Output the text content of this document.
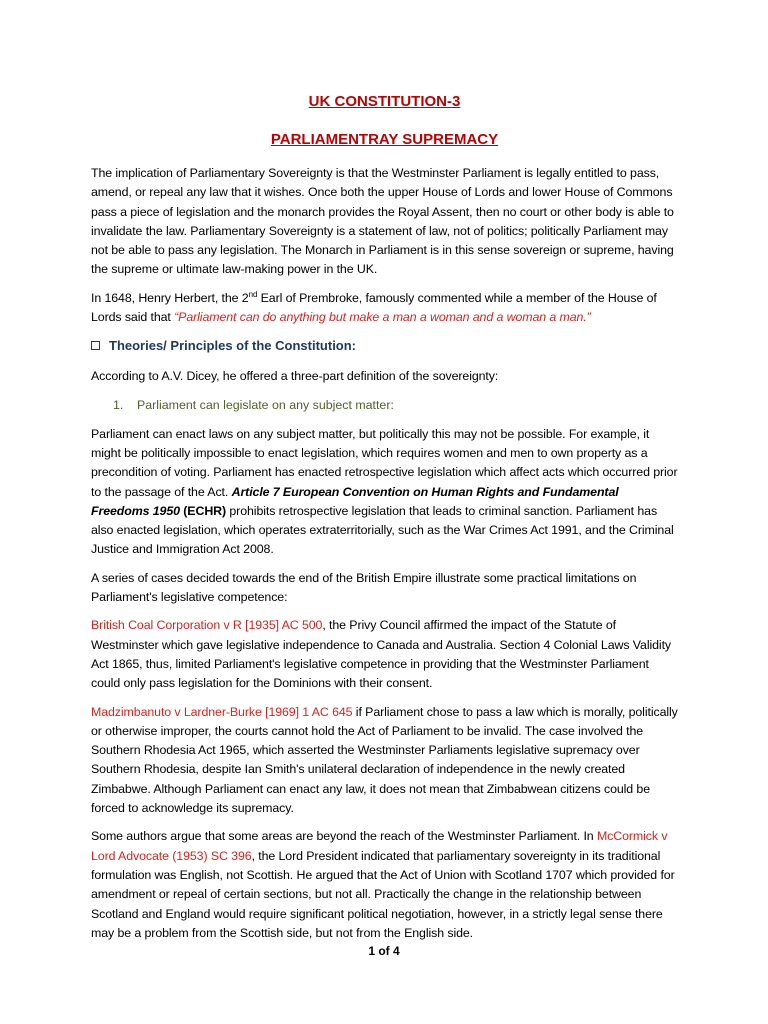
UK CONSTITUTION-3
PARLIAMENTRAY SUPREMACY

The implication of Parliamentary Sovereignty is that the Westminster Parliament is legally entitled to pass, amend, or repeal any law that it wishes. Once both the upper House of Lords and lower House of Commons pass a piece of legislation and the monarch provides the Royal Assent, then no court or other body is able to invalidate the law. Parliamentary Sovereignty is a statement of law, not of politics; politically Parliament may not be able to pass any legislation. The Monarch in Parliament is in this sense sovereign or supreme, having the supreme or ultimate law-making power in the UK.

In 1648, Henry Herbert, the 2nd Earl of Prembroke, famously commented while a member of the House of Lords said that “Parliament can do anything but make a man a woman and a woman a man.”

Theories/ Principles of the Constitution:

According to A.V. Dicey, he offered a three-part definition of the sovereignty:

1.	Parliament can legislate on any subject matter:

Parliament can enact laws on any subject matter, but politically this may not be possible. For example, it might be politically impossible to enact legislation, which requires women and men to own property as a precondition of voting. Parliament has enacted retrospective legislation which affect acts which occurred prior to the passage of the Act. Article 7 European Convention on Human Rights and Fundamental Freedoms 1950 (ECHR) prohibits retrospective legislation that leads to criminal sanction. Parliament has also enacted legislation, which operates extraterritorially, such as the War Crimes Act 1991, and the Criminal Justice and Immigration Act 2008.

A series of cases decided towards the end of the British Empire illustrate some practical limitations on Parliament's legislative competence:

British Coal Corporation v R [1935] AC 500, the Privy Council affirmed the impact of the Statute of Westminster which gave legislative independence to Canada and Australia. Section 4 Colonial Laws Validity Act 1865, thus, limited Parliament's legislative competence in providing that the Westminster Parliament could only pass legislation for the Dominions with their consent.

Madzimbanuto v Lardner-Burke [1969] 1 AC 645 if Parliament chose to pass a law which is morally, politically or otherwise improper, the courts cannot hold the Act of Parliament to be invalid. The case involved the Southern Rhodesia Act 1965, which asserted the Westminster Parliaments legislative supremacy over Southern Rhodesia, despite Ian Smith's unilateral declaration of independence in the newly created Zimbabwe. Although Parliament can enact any law, it does not mean that Zimbabwean citizens could be forced to acknowledge its supremacy.

Some authors argue that some areas are beyond the reach of the Westminster Parliament. In McCormick v Lord Advocate (1953) SC 396, the Lord President indicated that parliamentary sovereignty in its traditional formulation was English, not Scottish. He argued that the Act of Union with Scotland 1707 which provided for amendment or repeal of certain sections, but not all. Practically the change in the relationship between Scotland and England would require significant political negotiation, however, in a strictly legal sense there may be a problem from the Scottish side, but not from the English side.

1 of 4
